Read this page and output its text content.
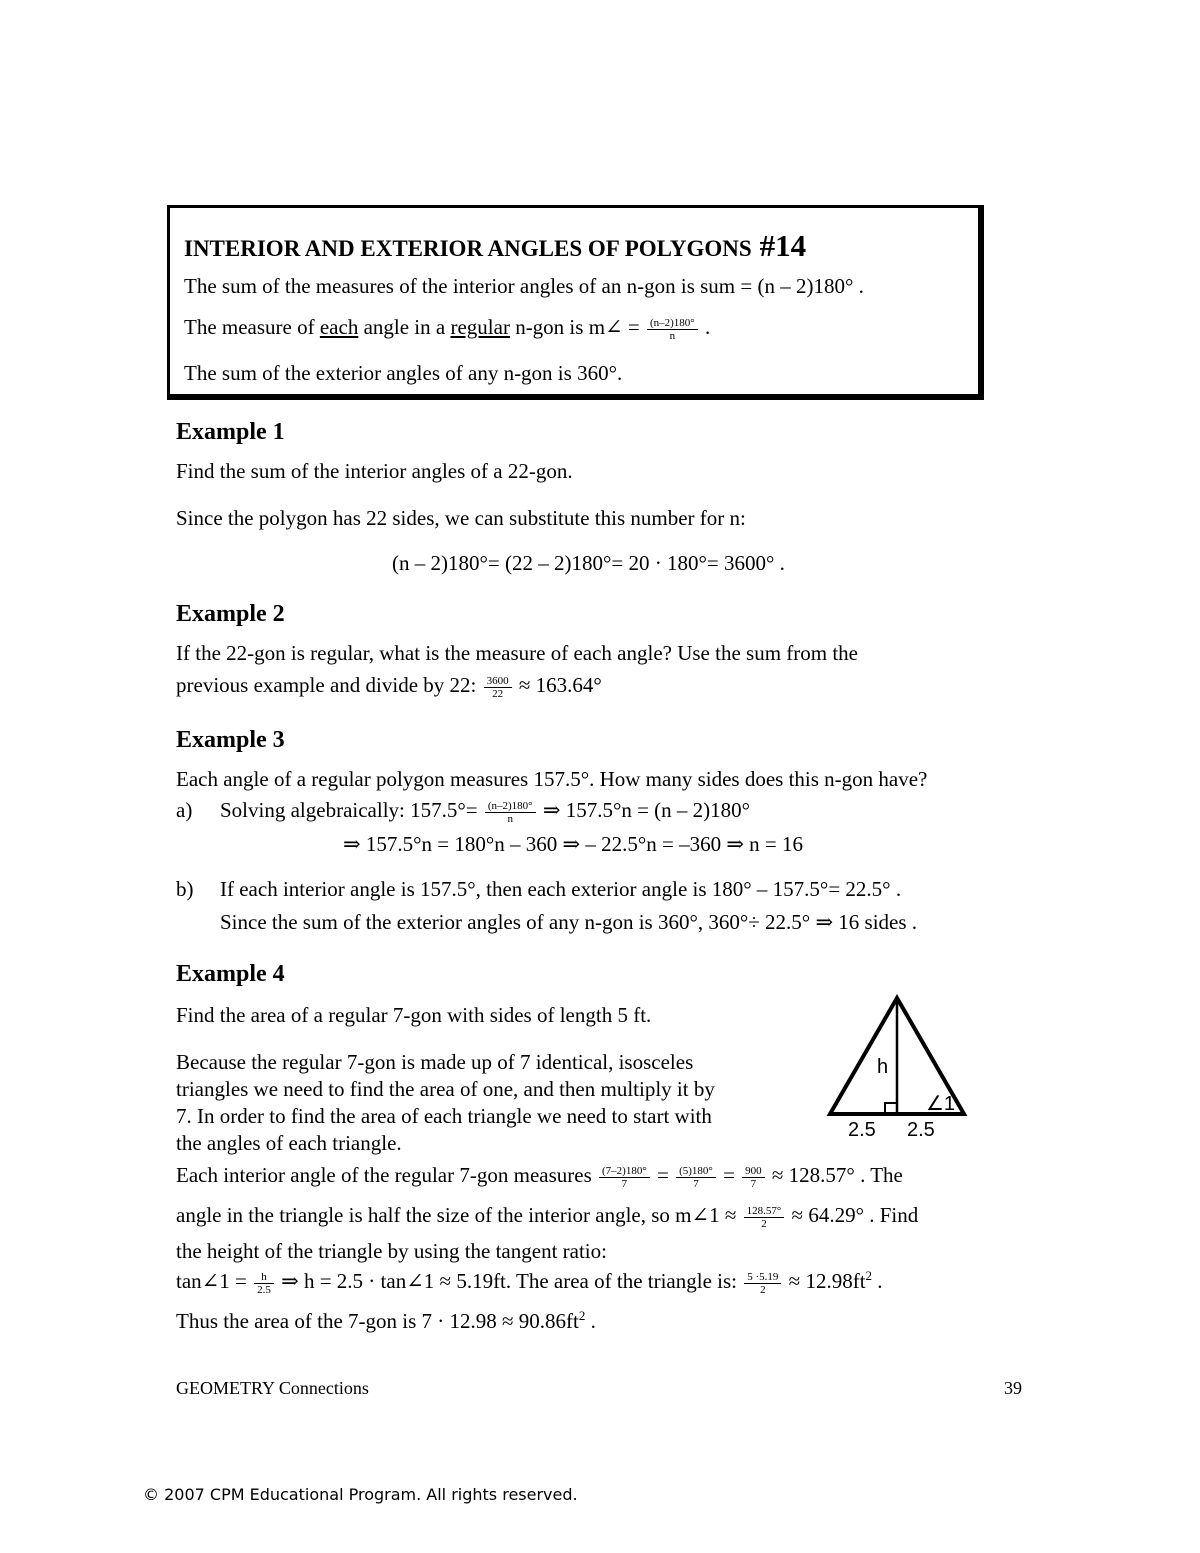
INTERIOR AND EXTERIOR ANGLES OF POLYGONS #14
The sum of the measures of the interior angles of an n-gon is sum = (n – 2)180° .
The measure of each angle in a regular n-gon is m∠ = $\frac{(n-2)180^\circ}{n}$ .
The sum of the exterior angles of any n-gon is 360°.
Example 1
Find the sum of the interior angles of a 22-gon.
Since the polygon has 22 sides, we can substitute this number for n:
(n – 2)180°= (22 – 2)180°= 20 · 180°= 3600° .
Example 2
If the 22-gon is regular, what is the measure of each angle? Use the sum from the
previous example and divide by 22: $\frac{3600}{22} \approx 163.64^\circ$
Example 3
Each angle of a regular polygon measures 157.5°. How many sides does this n-gon have?
a) Solving algebraically: $157.5^\circ= \frac{(n-2)180^\circ}{n}$ ⇒ 157.5°n = (n – 2)180°
⇒ 157.5°n = 180°n – 360 ⇒ – 22.5°n = –360 ⇒ n = 16
b) If each interior angle is 157.5°, then each exterior angle is 180° – 157.5°= 22.5° .
Since the sum of the exterior angles of any n-gon is 360°, 360°÷ 22.5° ⇒ 16 sides .
Example 4
Find the area of a regular 7-gon with sides of length 5 ft.
Because the regular 7-gon is made up of 7 identical, isosceles
triangles we need to find the area of one, and then multiply it by
7. In order to find the area of each triangle we need to start with
the angles of each triangle.
Each interior angle of the regular 7-gon measures $\frac{(7-2)180^\circ}{7} = \frac{(5)180^\circ}{7} = \frac{900}{7} \approx 128.57^\circ$ . The
angle in the triangle is half the size of the interior angle, so m∠1 ≈ $\frac{128.57^\circ}{2} \approx 64.29^\circ$ . Find
the height of the triangle by using the tangent ratio:
tan∠1 = $\frac{h}{2.5}$ ⇒ h = 2.5 · tan∠1 ≈ 5.19ft. The area of the triangle is: $\frac{5 \cdot 5.19}{2} \approx 12.98ft^2$ .
Thus the area of the 7-gon is $7 \cdot 12.98 \approx 90.86ft^2$ .
h
∠1
2.5 2.5
GEOMETRY Connections	39
© 2007 CPM Educational Program. All rights reserved.
